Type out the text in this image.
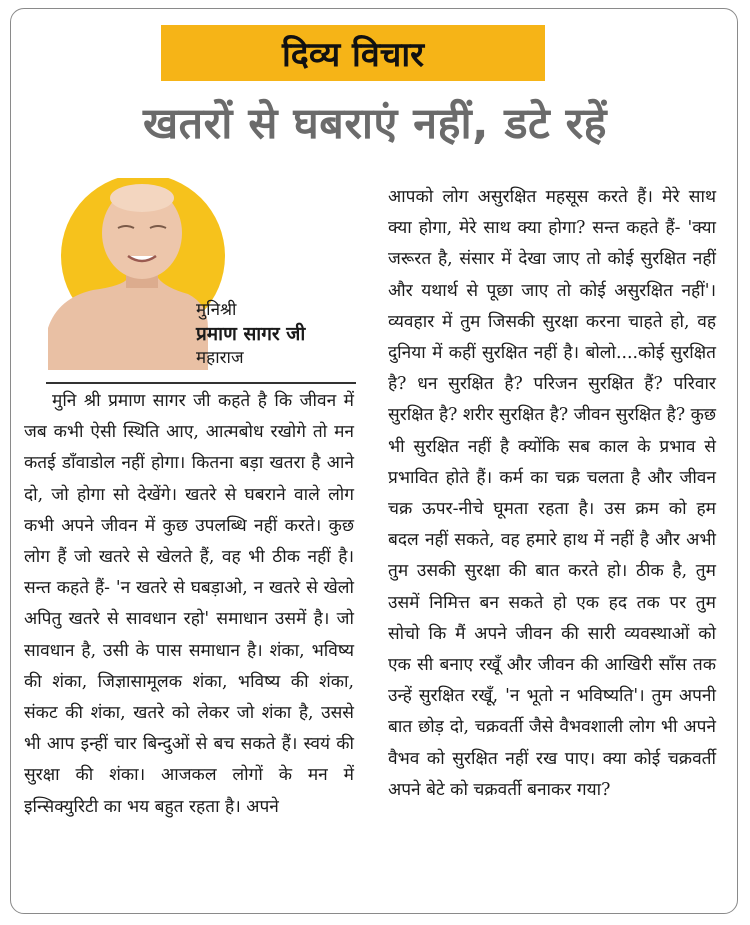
दिव्य विचार
खतरों से घबराएं नहीं, डटे रहें
मुनिश्री
प्रमाण सागर जी
महाराज
मुनि श्री प्रमाण सागर जी कहते है कि जीवन में जब कभी ऐसी स्थिति आए, आत्मबोध रखोगे तो मन कतई डाँवाडोल नहीं होगा। कितना बड़ा खतरा है आने दो, जो होगा सो देखेंगे। खतरे से घबराने वाले लोग कभी अपने जीवन में कुछ उपलब्धि नहीं करते। कुछ लोग हैं जो खतरे से खेलते हैं, वह भी ठीक नहीं है। सन्त कहते हैं- 'न खतरे से घबड़ाओ, न खतरे से खेलो अपितु खतरे से सावधान रहो' समाधान उसमें है। जो सावधान है, उसी के पास समाधान है। शंका, भविष्य की शंका, जिज्ञासामूलक शंका, भविष्य की शंका, संकट की शंका, खतरे को लेकर जो शंका है, उससे भी आप इन्हीं चार बिन्दुओं से बच सकते हैं। स्वयं की सुरक्षा की शंका। आजकल लोगों के मन में इन्सिक्युरिटी का भय बहुत रहता है। अपने
आपको लोग असुरक्षित महसूस करते हैं। मेरे साथ क्या होगा, मेरे साथ क्या होगा? सन्त कहते हैं- 'क्या जरूरत है, संसार में देखा जाए तो कोई सुरक्षित नहीं और यथार्थ से पूछा जाए तो कोई असुरक्षित नहीं'। व्यवहार में तुम जिसकी सुरक्षा करना चाहते हो, वह दुनिया में कहीं सुरक्षित नहीं है। बोलो....कोई सुरक्षित है? धन सुरक्षित है? परिजन सुरक्षित हैं? परिवार सुरक्षित है? शरीर सुरक्षित है? जीवन सुरक्षित है? कुछ भी सुरक्षित नहीं है क्योंकि सब काल के प्रभाव से प्रभावित होते हैं। कर्म का चक्र चलता है और जीवन चक्र ऊपर-नीचे घूमता रहता है। उस क्रम को हम बदल नहीं सकते, वह हमारे हाथ में नहीं है और अभी तुम उसकी सुरक्षा की बात करते हो। ठीक है, तुम उसमें निमित्त बन सकते हो एक हद तक पर तुम सोचो कि मैं अपने जीवन की सारी व्यवस्थाओं को एक सी बनाए रखूँ और जीवन की आखिरी साँस तक उन्हें सुरक्षित रखूँ, 'न भूतो न भविष्यति'। तुम अपनी बात छोड़ दो, चक्रवर्ती जैसे वैभवशाली लोग भी अपने वैभव को सुरक्षित नहीं रख पाए। क्या कोई चक्रवर्ती अपने बेटे को चक्रवर्ती बनाकर गया?
